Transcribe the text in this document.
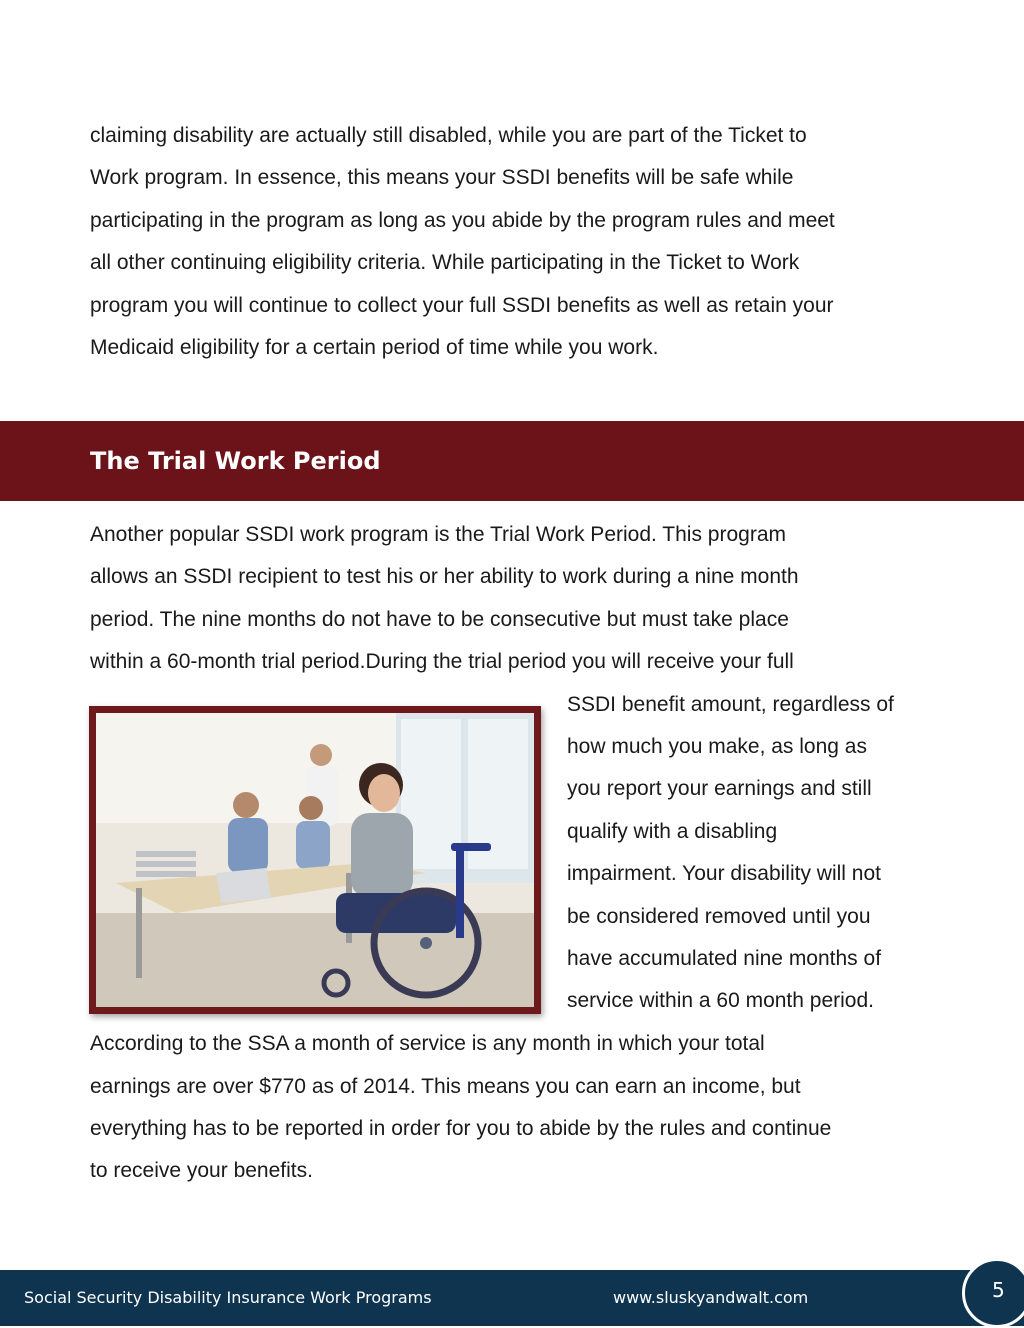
claiming disability are actually still disabled, while you are part of the Ticket to
Work program. In essence, this means your SSDI benefits will be safe while
participating in the program as long as you abide by the program rules and meet
all other continuing eligibility criteria. While participating in the Ticket to Work
program you will continue to collect your full SSDI benefits as well as retain your
Medicaid eligibility for a certain period of time while you work.
The Trial Work Period
Another popular SSDI work program is the Trial Work Period. This program
allows an SSDI recipient to test his or her ability to work during a nine month
period. The nine months do not have to be consecutive but must take place
within a 60-month trial period.During the trial period you will receive your full
SSDI benefit amount, regardless of
how much you make, as long as
you report your earnings and still
qualify with a disabling
impairment. Your disability will not
be considered removed until you
have accumulated nine months of
service within a 60 month period.
According to the SSA a month of service is any month in which your total
earnings are over $770 as of 2014. This means you can earn an income, but
everything has to be reported in order for you to abide by the rules and continue
to receive your benefits.
Social Security Disability Insurance Work Programs	www.sluskyandwalt.com	5
